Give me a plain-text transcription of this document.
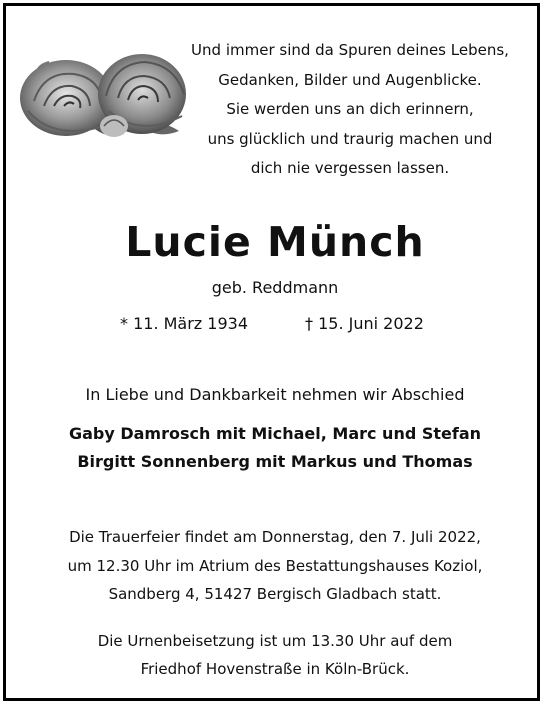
Und immer sind da Spuren deines Lebens,
Gedanken, Bilder und Augenblicke.
Sie werden uns an dich erinnern,
uns glücklich und traurig machen und
dich nie vergessen lassen.
Lucie Münch
geb. Reddmann
* 11. März 1934	† 15. Juni 2022
In Liebe und Dankbarkeit nehmen wir Abschied
Gaby Damrosch mit Michael, Marc und Stefan
Birgitt Sonnenberg mit Markus und Thomas
Die Trauerfeier findet am Donnerstag, den 7. Juli 2022,
um 12.30 Uhr im Atrium des Bestattungshauses Koziol,
Sandberg 4, 51427 Bergisch Gladbach statt.
Die Urnenbeisetzung ist um 13.30 Uhr auf dem
Friedhof Hovenstraße in Köln-Brück.
